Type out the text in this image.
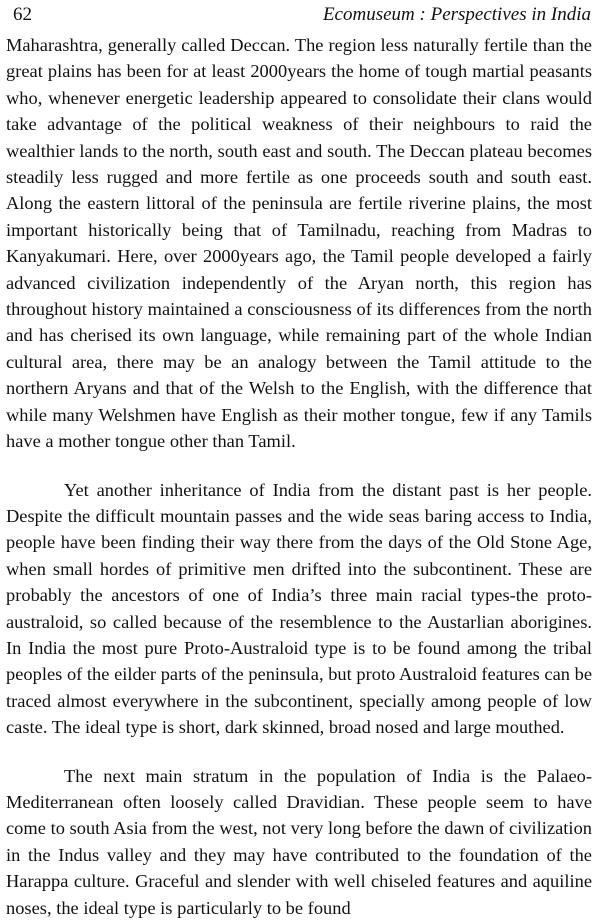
62	Ecomuseum : Perspectives in India

Maharashtra, generally called Deccan. The region less naturally fertile than the great plains has been for at least 2000years the home of tough martial peasants who, whenever energetic leadership appeared to consolidate their clans would take advantage of the political weakness of their neighbours to raid the wealthier lands to the north, south east and south. The Deccan plateau becomes steadily less rugged and more fertile as one proceeds south and south east. Along the eastern littoral of the peninsula are fertile riverine plains, the most important historically being that of Tamilnadu, reaching from Madras to Kanyakumari. Here, over 2000years ago, the Tamil people developed a fairly advanced civilization independently of the Aryan north, this region has throughout history maintained a consciousness of its differences from the north and has cherised its own language, while remaining part of the whole Indian cultural area, there may be an analogy between the Tamil attitude to the northern Aryans and that of the Welsh to the English, with the difference that while many Welshmen have English as their mother tongue, few if any Tamils have a mother tongue other than Tamil.

Yet another inheritance of India from the distant past is her people. Despite the difficult mountain passes and the wide seas baring access to India, people have been finding their way there from the days of the Old Stone Age, when small hordes of primitive men drifted into the subcontinent. These are probably the ancestors of one of India’s three main racial types-the proto-australoid, so called because of the resemblence to the Austarlian aborigines. In India the most pure Proto-Australoid type is to be found among the tribal peoples of the eilder parts of the peninsula, but proto Australoid features can be traced almost everywhere in the subcontinent, specially among people of low caste. The ideal type is short, dark skinned, broad nosed and large mouthed.

The next main stratum in the population of India is the Palaeo-Mediterranean often loosely called Dravidian. These people seem to have come to south Asia from the west, not very long before the dawn of civilization in the Indus valley and they may have contributed to the foundation of the Harappa culture. Graceful and slender with well chiseled features and aquiline noses, the ideal type is particularly to be found
